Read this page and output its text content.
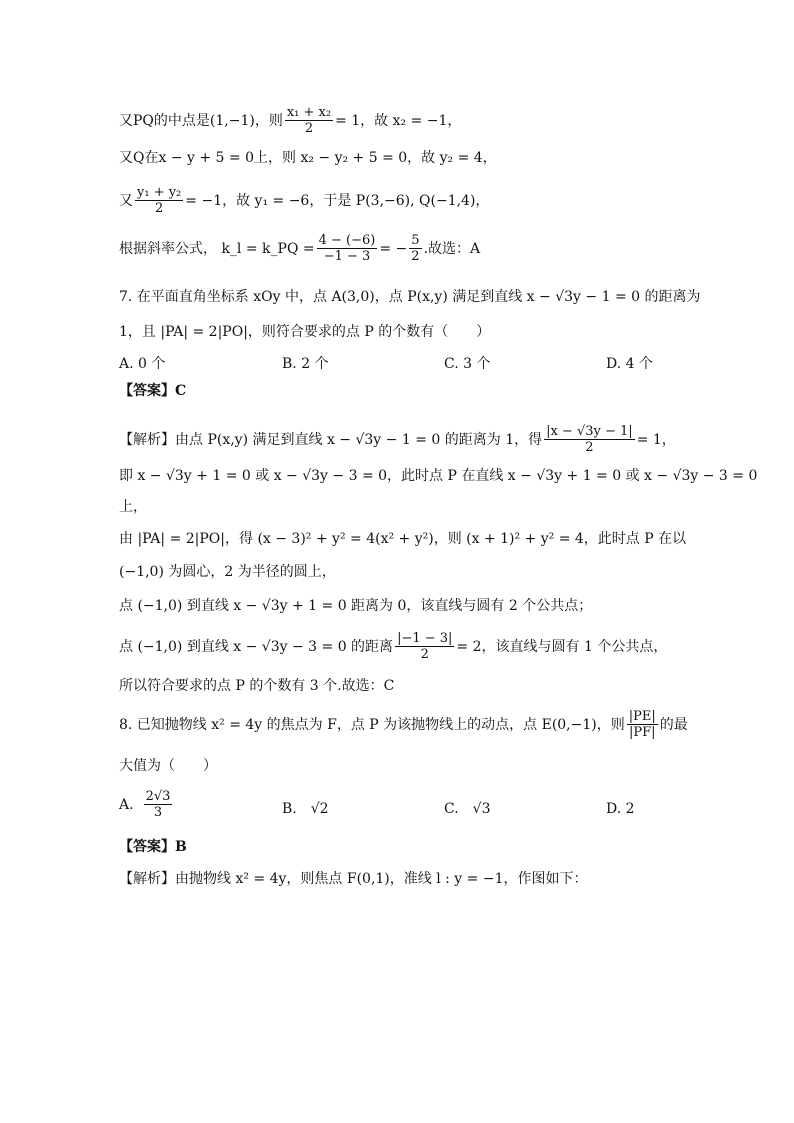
又PQ的中点是(1,−1)，则 $\frac{\text{x₁ + x₂}}{2} = 1$，故 x₂ = −1，
又Q在x − y + 5 = 0上，则 x₂ − y₂ + 5 = 0，故 y₂ = 4，
又 $\frac{\text{y₁ + y₂}}{2} = -1$，故 y₁ = −6，于是 P(3,−6), Q(−1,4)，
根据斜率公式， k_l = k_PQ = $\frac{4 - (-6)}{-1 - 3}$ = − $\frac{5}{2}$ .故选：A
7. 在平面直角坐标系 xOy 中，点 A(3,0)，点 P(x,y) 满足到直线 x − √3y − 1 = 0 的距离为
1，且 |PA| = 2|PO|，则符合要求的点 P 的个数有（　　）
A. 0 个	B. 2 个	C. 3 个	D. 4 个
【答案】C
【解析】由点 P(x,y) 满足到直线 x − √3y − 1 = 0 的距离为 1，得 $\frac{|x - √3y - 1|}{2} = 1$，
即 x − √3y + 1 = 0 或 x − √3y − 3 = 0，此时点 P 在直线 x − √3y + 1 = 0 或 x − √3y − 3 = 0
上，
由 |PA| = 2|PO|，得 (x − 3)² + y² = 4(x² + y²)，则 (x + 1)² + y² = 4，此时点 P 在以
(−1,0) 为圆心，2 为半径的圆上，
点 (−1,0) 到直线 x − √3y + 1 = 0 距离为 0，该直线与圆有 2 个公共点；
点 (−1,0) 到直线 x − √3y − 3 = 0 的距离 $\frac{|-1 - 3|}{2} = 2$，该直线与圆有 1 个公共点，
所以符合要求的点 P 的个数有 3 个.故选：C
8. 已知抛物线 x² = 4y 的焦点为 F，点 P 为该抛物线上的动点，点 E(0,−1)，则 $\frac{|PE|}{|PF|}$ 的最
大值为（　　）
A. $\frac{2√3}{3}$	B.　√2	C.　√3	D. 2
【答案】B
【解析】由抛物线 x² = 4y，则焦点 F(0,1)，准线 l : y = −1，作图如下：
